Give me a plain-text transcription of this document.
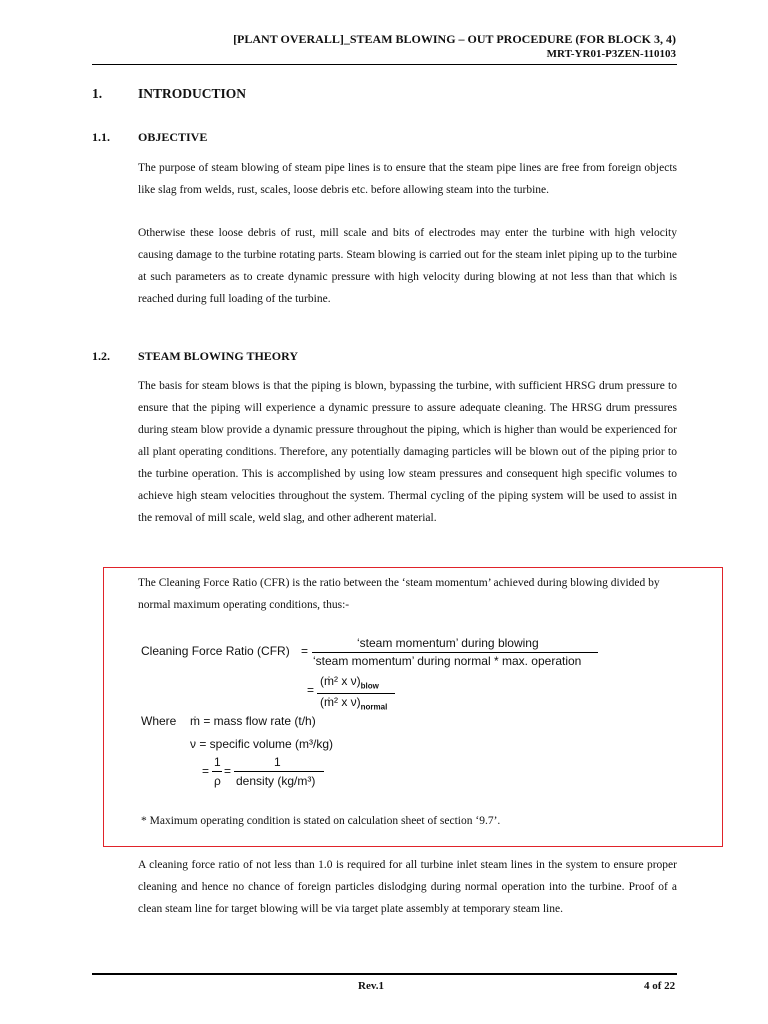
[PLANT OVERALL]_STEAM BLOWING – OUT PROCEDURE (FOR BLOCK 3, 4)
MRT-YR01-P3ZEN-110103
1.	INTRODUCTION
1.1. OBJECTIVE
The purpose of steam blowing of steam pipe lines is to ensure that the steam pipe lines are free from foreign objects like slag from welds, rust, scales, loose debris etc. before allowing steam into the turbine.
Otherwise these loose debris of rust, mill scale and bits of electrodes may enter the turbine with high velocity causing damage to the turbine rotating parts. Steam blowing is carried out for the steam inlet piping up to the turbine at such parameters as to create dynamic pressure with high velocity during blowing at not less than that which is reached during full loading of the turbine.
1.2. STEAM BLOWING THEORY
The basis for steam blows is that the piping is blown, bypassing the turbine, with sufficient HRSG drum pressure to ensure that the piping will experience a dynamic pressure to assure adequate cleaning. The HRSG drum pressures during steam blow provide a dynamic pressure throughout the piping, which is higher than would be experienced for all plant operating conditions. Therefore, any potentially damaging particles will be blown out of the piping prior to the turbine operation. This is accomplished by using low steam pressures and consequent high specific volumes to achieve high steam velocities throughout the system. Thermal cycling of the piping system will be used to assist in the removal of mill scale, weld slag, and other adherent material.
The Cleaning Force Ratio (CFR) is the ratio between the ‘steam momentum’ achieved during blowing divided by normal maximum operating conditions, thus:-
Cleaning Force Ratio (CFR) =
‘steam momentum’ during blowing
‘steam momentum’ during normal * max. operation
=
(ṁ² x $\nu)_{blow}$
(ṁ² x $\nu)_{normal}$
Where ṁ = mass flow rate (t/h)
ν = specific volume (m³/kg)
=
1
ρ
=
1
density (kg/m³)
* Maximum operating condition is stated on calculation sheet of section ‘9.7’.
A cleaning force ratio of not less than 1.0 is required for all turbine inlet steam lines in the system to ensure proper cleaning and hence no chance of foreign particles dislodging during normal operation into the turbine. Proof of a clean steam line for target blowing will be via target plate assembly at temporary steam line.
Rev.1	4 of 22
